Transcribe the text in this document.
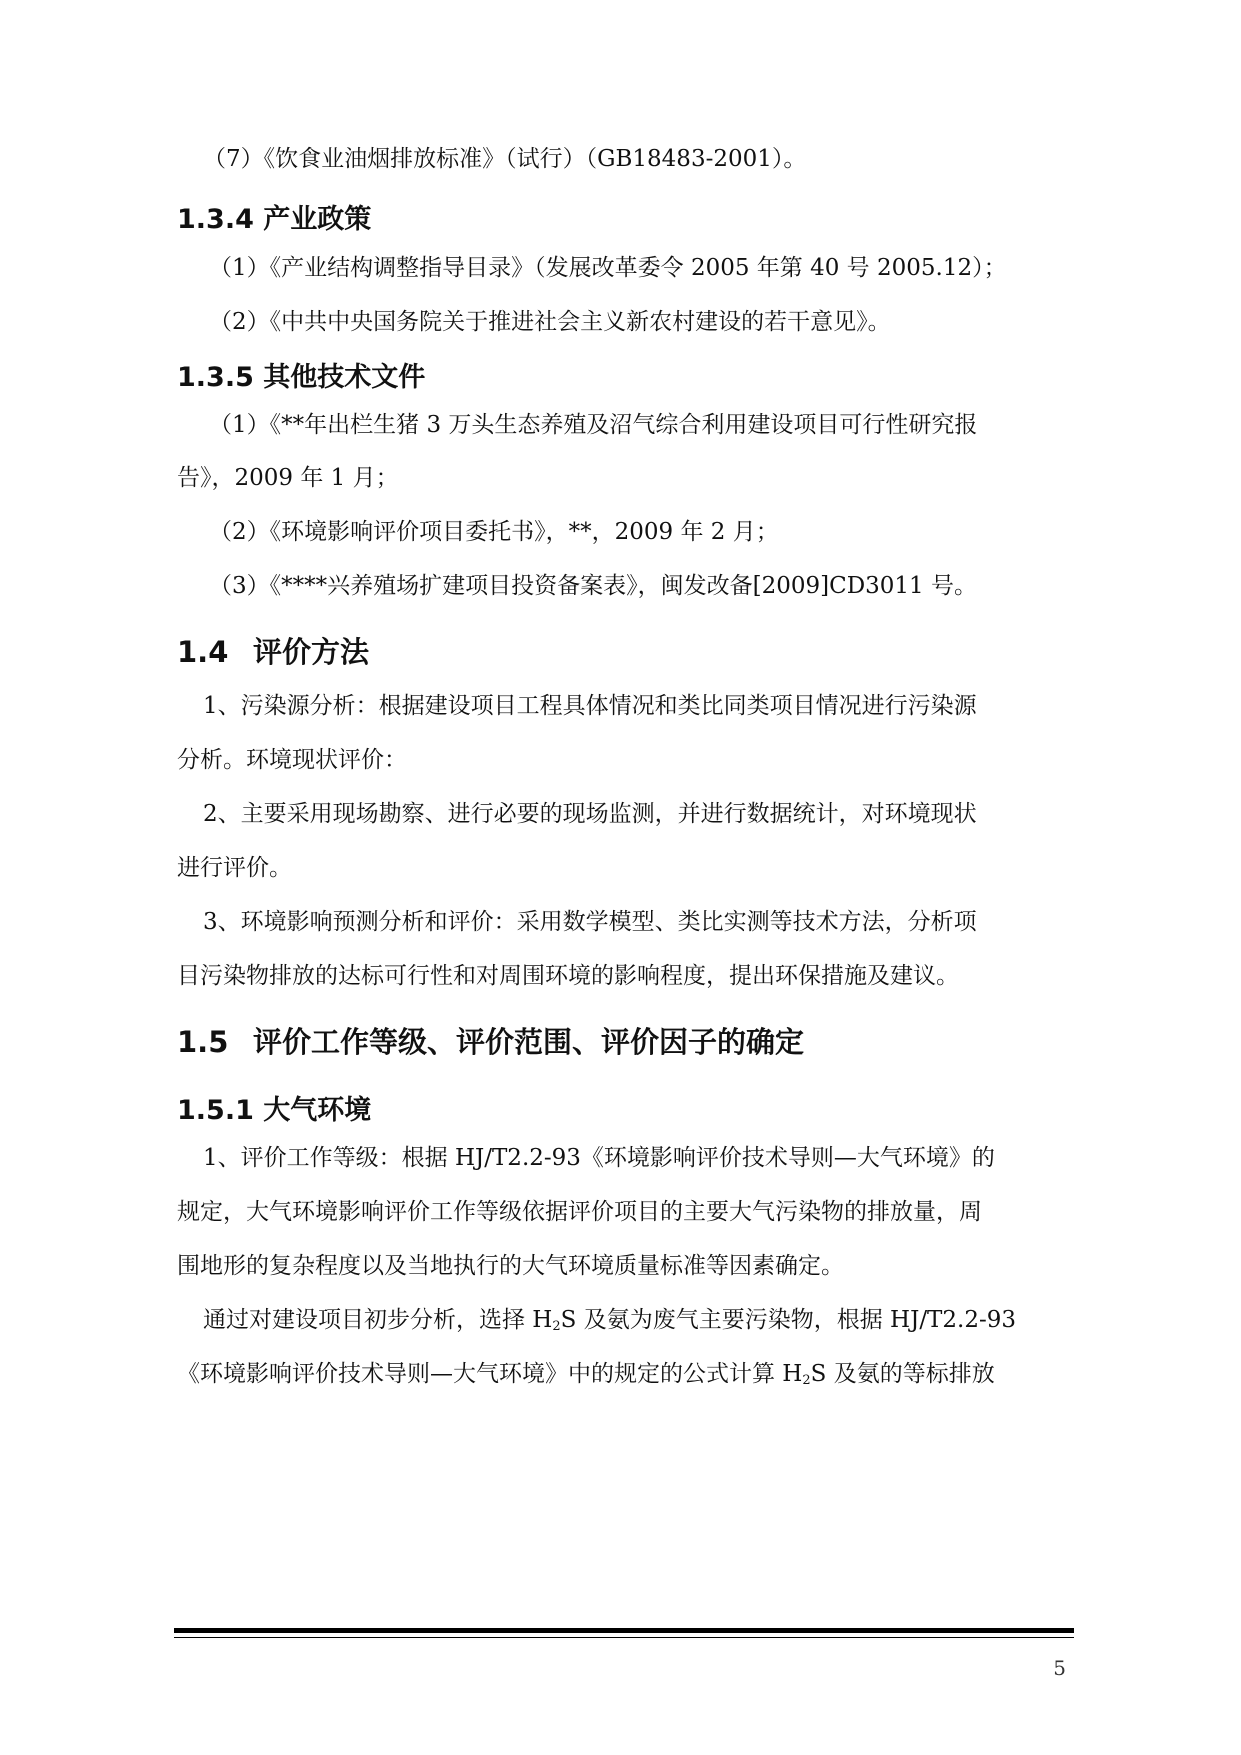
（7）《饮食业油烟排放标准》（试行）（GB18483-2001）。
1.3.4 产业政策
（1）《产业结构调整指导目录》（发展改革委令 2005 年第 40 号 2005.12）；
（2）《中共中央国务院关于推进社会主义新农村建设的若干意见》。
1.3.5 其他技术文件
（1）《**年出栏生猪 3 万头生态养殖及沼气综合利用建设项目可行性研究报
告》，2009 年 1 月；
（2）《环境影响评价项目委托书》，**，2009 年 2 月；
（3）《****兴养殖场扩建项目投资备案表》，闽发改备[2009]CD3011 号。
1.4 评价方法
1、污染源分析：根据建设项目工程具体情况和类比同类项目情况进行污染源
分析。环境现状评价：
2、主要采用现场勘察、进行必要的现场监测，并进行数据统计，对环境现状
进行评价。
3、环境影响预测分析和评价：采用数学模型、类比实测等技术方法，分析项
目污染物排放的达标可行性和对周围环境的影响程度，提出环保措施及建议。
1.5 评价工作等级、评价范围、评价因子的确定
1.5.1 大气环境
1、评价工作等级：根据 HJ/T2.2-93《环境影响评价技术导则—大气环境》的
规定，大气环境影响评价工作等级依据评价项目的主要大气污染物的排放量，周
围地形的复杂程度以及当地执行的大气环境质量标准等因素确定。
通过对建设项目初步分析，选择 $H_2S$ 及氨为废气主要污染物，根据 HJ/T2.2-93
《环境影响评价技术导则—大气环境》中的规定的公式计算 $H_2S$ 及氨的等标排放
5
